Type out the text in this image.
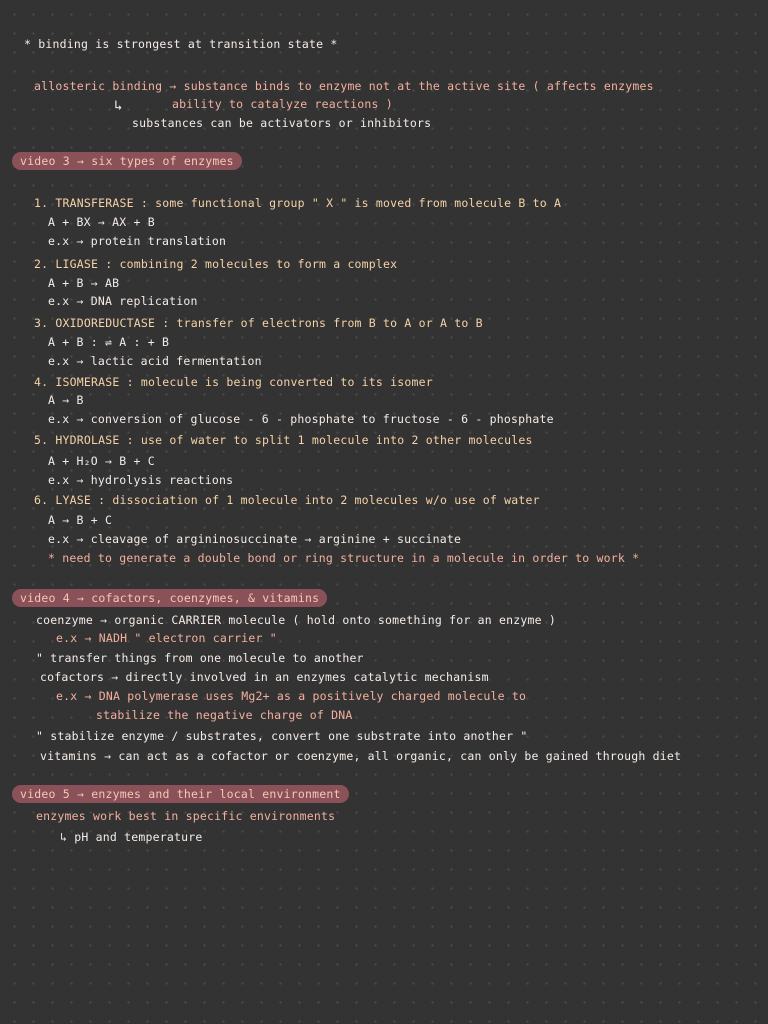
* binding is strongest at transition state *
allosteric binding → substance binds to enzyme not at the active site ( affects enzymes
ability to catalyze reactions )
↳
substances can be activators or inhibitors
video 3 → six types of enzymes
1. TRANSFERASE : some functional group " X " is moved from molecule B to A
A + BX → AX + B
e.x → protein translation
2. LIGASE : combining 2 molecules to form a complex
A + B → AB
e.x → DNA replication
3. OXIDOREDUCTASE : transfer of electrons from B to A or A to B
A + B : ⇌ A : + B
e.x → lactic acid fermentation
4. ISOMERASE : molecule is being converted to its isomer
A → B
e.x → conversion of glucose - 6 - phosphate to fructose - 6 - phosphate
5. HYDROLASE : use of water to split 1 molecule into 2 other molecules
A + H₂O → B + C
e.x → hydrolysis reactions
6. LYASE : dissociation of 1 molecule into 2 molecules w/o use of water
A → B + C
e.x → cleavage of argininosuccinate → arginine + succinate
* need to generate a double bond or ring structure in a molecule in order to work *
video 4 → cofactors, coenzymes, & vitamins
coenzyme → organic CARRIER molecule ( hold onto something for an enzyme )
e.x → NADH " electron carrier "
" transfer things from one molecule to another
cofactors → directly involved in an enzymes catalytic mechanism
e.x → DNA polymerase uses Mg2+ as a positively charged molecule to
stabilize the negative charge of DNA
" stabilize enzyme / substrates, convert one substrate into another "
vitamins → can act as a cofactor or coenzyme, all organic, can only be gained through diet
video 5 → enzymes and their local environment
enzymes work best in specific environments
↳ pH and temperature
